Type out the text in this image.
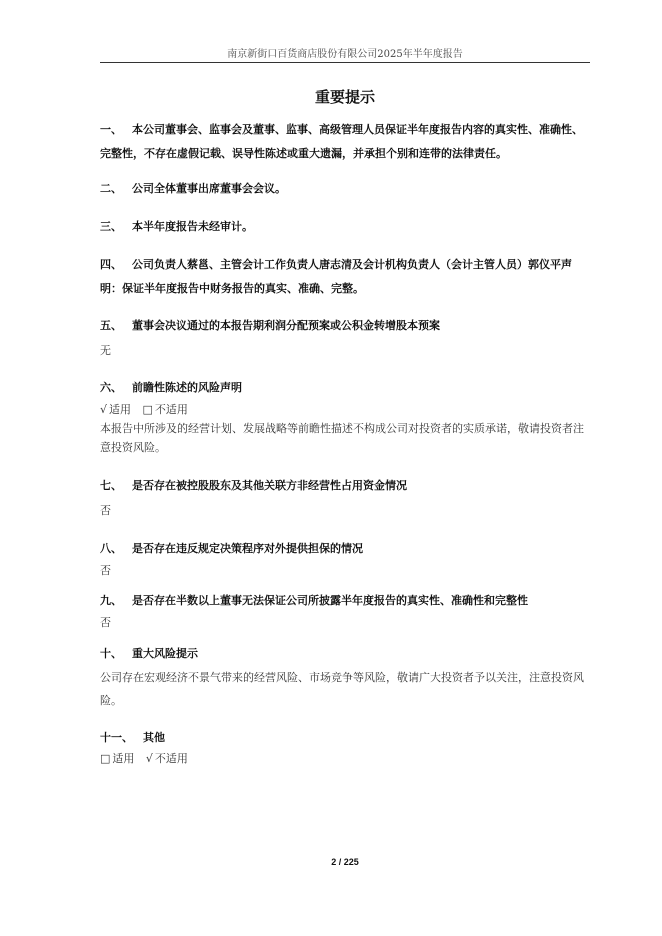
南京新街口百货商店股份有限公司2025年半年度报告
重要提示
一、 本公司董事会、监事会及董事、监事、高级管理人员保证半年度报告内容的真实性、准确性、完整性，不存在虚假记载、误导性陈述或重大遗漏，并承担个别和连带的法律责任。
二、 公司全体董事出席董事会会议。
三、 本半年度报告未经审计。
四、 公司负责人蔡邕、主管会计工作负责人唐志清及会计机构负责人（会计主管人员）郭仪平声明：保证半年度报告中财务报告的真实、准确、完整。
五、 董事会决议通过的本报告期利润分配预案或公积金转增股本预案
无
六、 前瞻性陈述的风险声明
√ 适用 □ 不适用
本报告中所涉及的经营计划、发展战略等前瞻性描述不构成公司对投资者的实质承诺，敬请投资者注意投资风险。
七、 是否存在被控股股东及其他关联方非经营性占用资金情况
否
八、 是否存在违反规定决策程序对外提供担保的情况
否
九、 是否存在半数以上董事无法保证公司所披露半年度报告的真实性、准确性和完整性
否
十、 重大风险提示
公司存在宏观经济不景气带来的经营风险、市场竞争等风险，敬请广大投资者予以关注，注意投资风险。
十一、 其他
□ 适用 √ 不适用
2 / 225
